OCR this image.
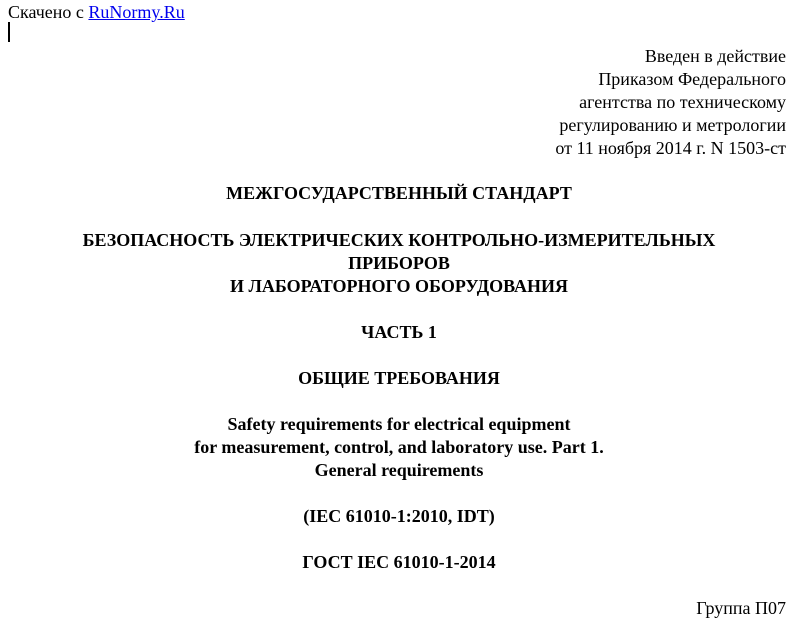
Скачено с RuNormy.Ru
Введен в действие
Приказом Федерального
агентства по техническому
регулированию и метрологии
от 11 ноября 2014 г. N 1503-ст
МЕЖГОСУДАРСТВЕННЫЙ СТАНДАРТ
БЕЗОПАСНОСТЬ ЭЛЕКТРИЧЕСКИХ КОНТРОЛЬНО-ИЗМЕРИТЕЛЬНЫХ
ПРИБОРОВ
И ЛАБОРАТОРНОГО ОБОРУДОВАНИЯ
ЧАСТЬ 1
ОБЩИЕ ТРЕБОВАНИЯ
Safety requirements for electrical equipment
for measurement, control, and laboratory use. Part 1.
General requirements
(IEC 61010-1:2010, IDT)
ГОСТ IEC 61010-1-2014
Группа П07
